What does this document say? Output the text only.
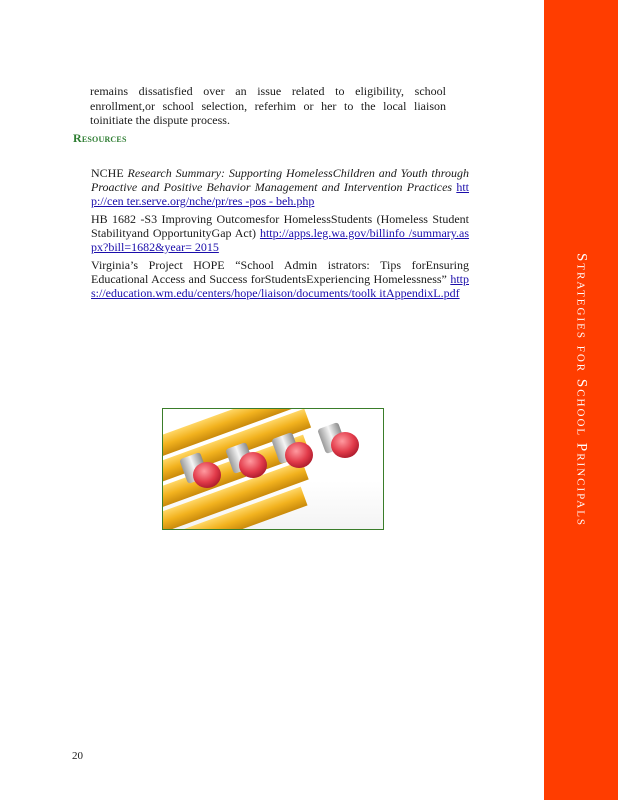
remains dissatisfied over an issue related to eligibility, school enrollment,or school selection, referhim or her to the local liaison toinitiate the dispute process.

Resources
NCHE Research Summary: Supporting HomelessChildren and Youth through Proactive and Positive Behavior Management and Intervention Practices http://cen ter.serve.org/nche/pr/res -pos - beh.php
HB 1682 -S3 Improving Outcomesfor HomelessStudents (Homeless Student Stabilityand OpportunityGap Act) http://apps.leg.wa.gov/billinfo /summary.aspx?bill=1682&year= 2015
Virginia’s Project HOPE “School Admin istrators: Tips forEnsuring Educational Access and Success forStudentsExperiencing Homelessness” https://education.wm.edu/centers/hope/liaison/documents/toolk itAppendixL.pdf	Strategies for School Principals
20
